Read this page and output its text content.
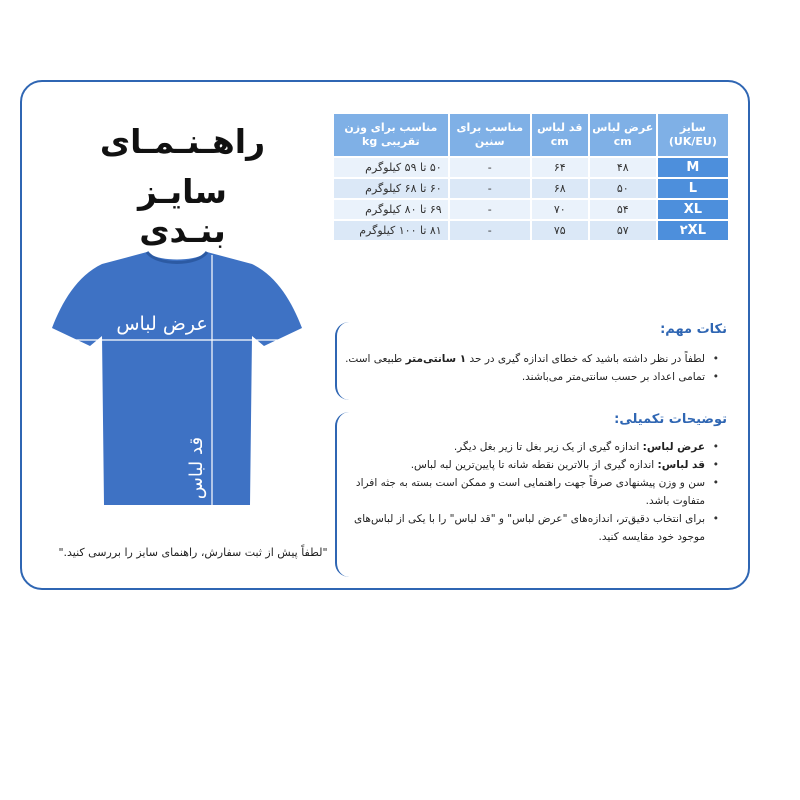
راهـنـمـای
سایـز بنـدی
سایز (UK/EU)	عرض لباس cm	قد لباس cm	مناسب برای سنین	مناسب برای وزن تقریبی kg
M	۴۸	۶۴	-	۵۰ تا ۵۹ کیلوگرم
L	۵۰	۶۸	-	۶۰ تا ۶۸ کیلوگرم
XL	۵۴	۷۰	-	۶۹ تا ۸۰ کیلوگرم
۲XL	۵۷	۷۵	-	۸۱ تا ۱۰۰ کیلوگرم
عرض لباس
قد لباس
"لطفاً پیش از ثبت سفارش، راهنمای سایز را بررسی کنید."
نکات مهم:
• لطفاً در نظر داشته باشید که خطای اندازه گیری در حد ۱ سانتی‌متر طبیعی است.
• تمامی اعداد بر حسب سانتی‌متر می‌باشند.
توضیحات تکمیلی:
• عرض لباس: اندازه گیری از یک زیر بغل تا زیر بغل دیگر.
• قد لباس: اندازه گیری از بالاترین نقطه شانه تا پایین‌ترین لبه لباس.
• سن و وزن پیشنهادی صرفاً جهت راهنمایی است و ممکن است بسته به جثه افراد متفاوت باشد.
• برای انتخاب دقیق‌تر، اندازه‌های "عرض لباس" و "قد لباس" را با یکی از لباس‌های موجود خود مقایسه کنید.
